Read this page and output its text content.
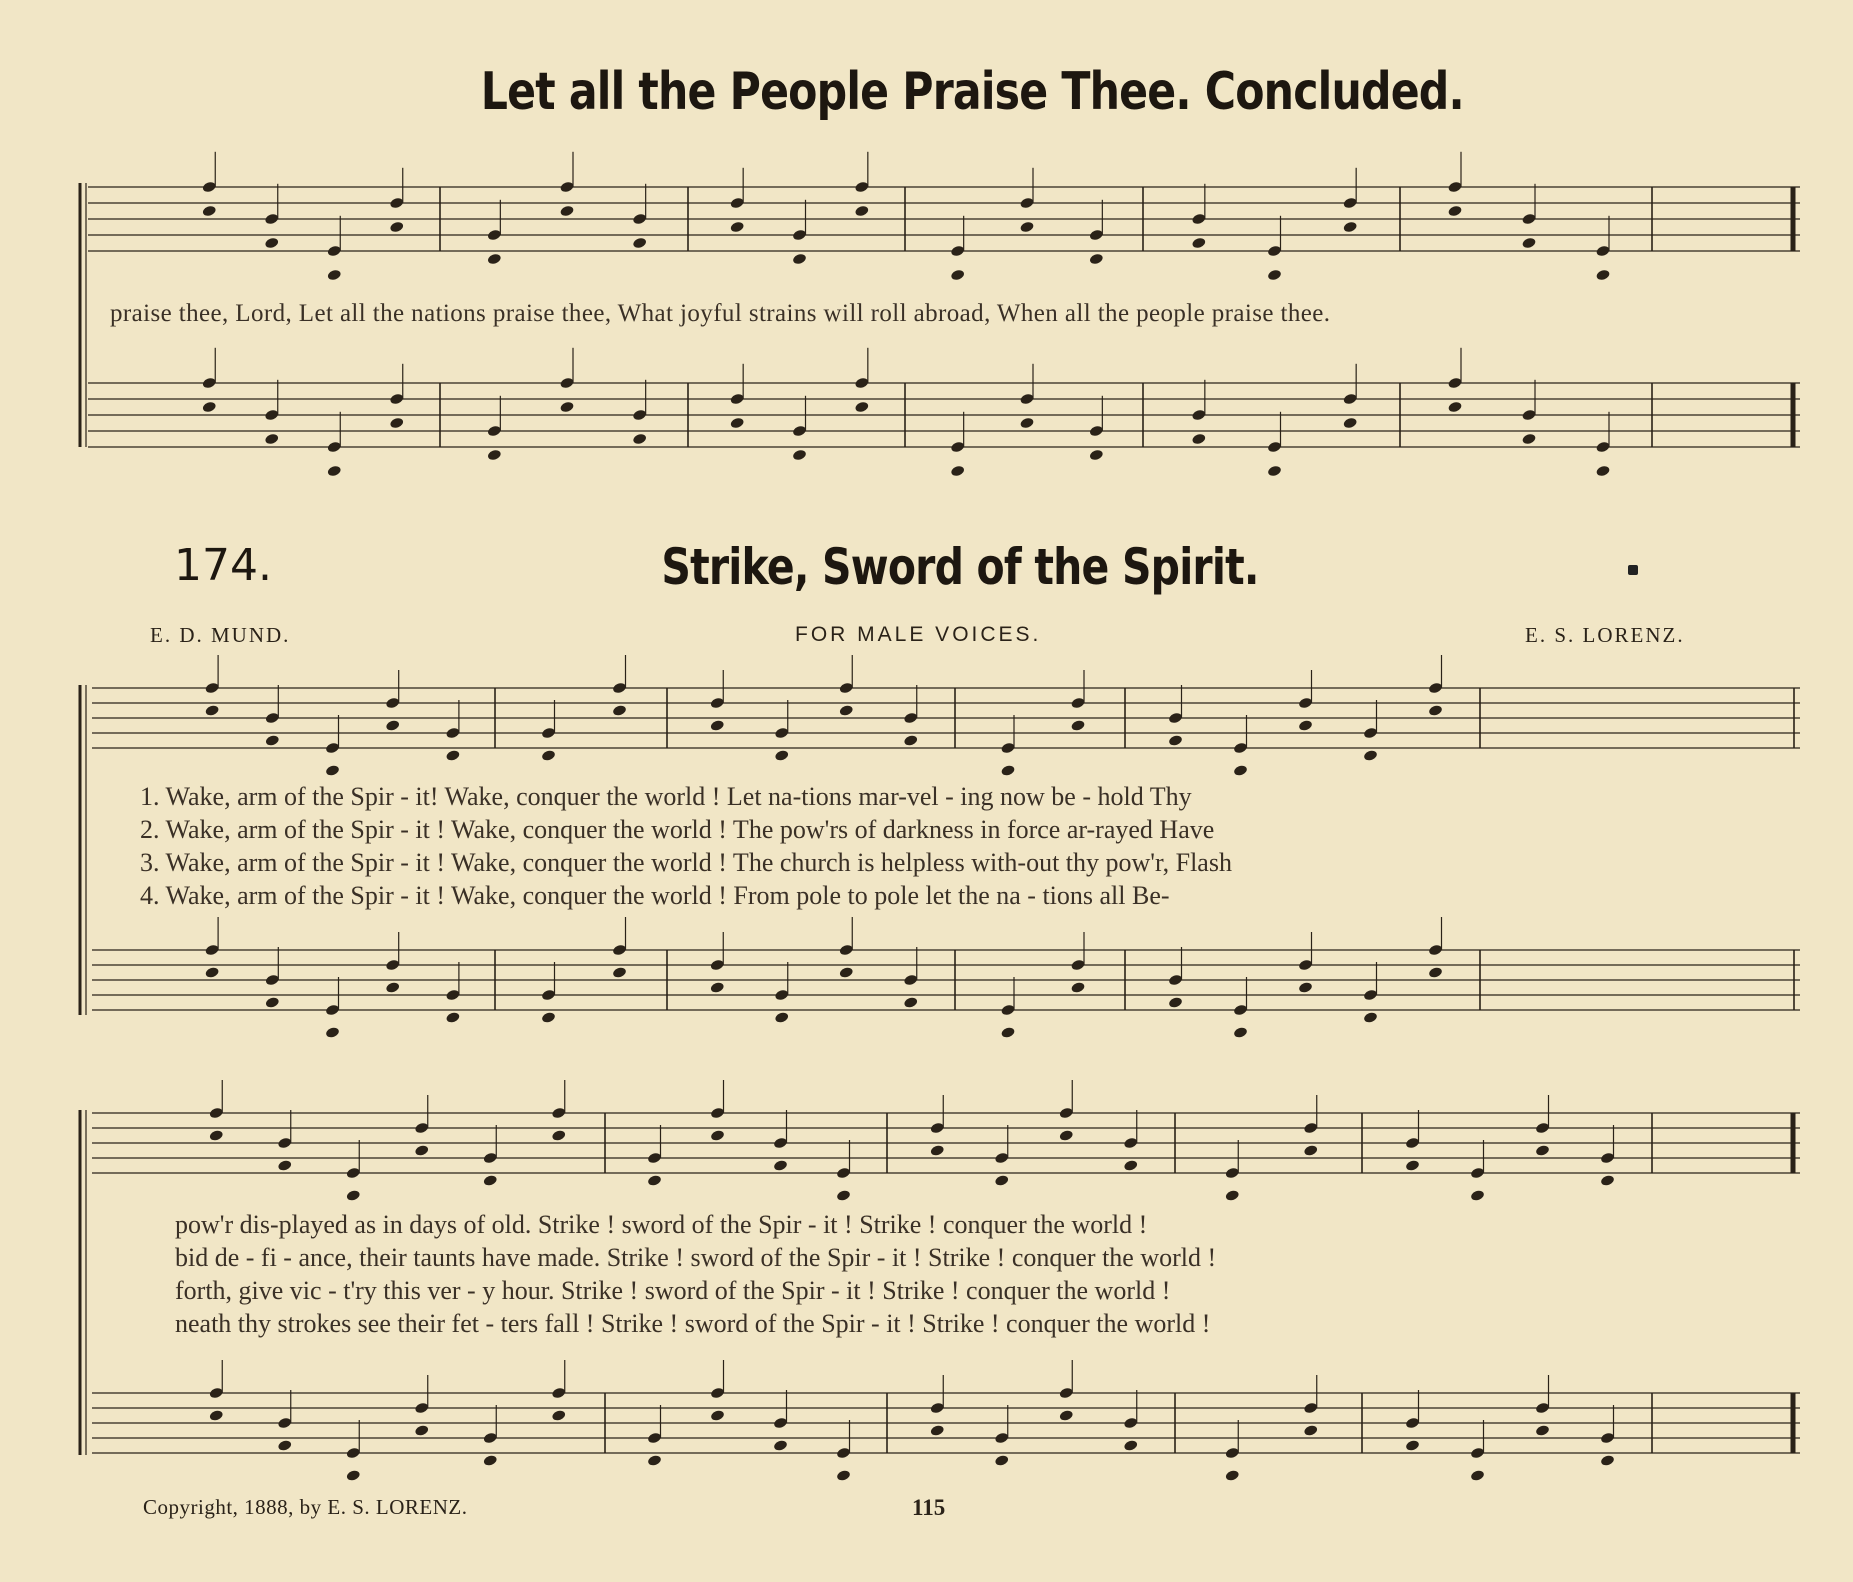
Let all the People Praise Thee. Concluded.
praise thee, Lord, Let all the nations praise thee, What joyful strains will roll abroad, When all the people praise thee.
174.	Strike, Sword of the Spirit.
E. D. MUND.	FOR MALE VOICES.	E. S. LORENZ.
1. Wake, arm of the Spir - it! Wake, conquer the world ! Let na-tions mar-vel - ing now be - hold Thy
2. Wake, arm of the Spir - it ! Wake, conquer the world ! The pow'rs of darkness in force ar-rayed Have
3. Wake, arm of the Spir - it ! Wake, conquer the world ! The church is helpless with-out thy pow'r, Flash
4. Wake, arm of the Spir - it ! Wake, conquer the world ! From pole to pole let the na - tions all Be-
pow'r dis-played as in days of old. Strike ! sword of the Spir - it ! Strike ! conquer the world !
bid de - fi - ance, their taunts have made. Strike ! sword of the Spir - it ! Strike ! conquer the world !
forth, give vic - t'ry this ver - y hour. Strike ! sword of the Spir - it ! Strike ! conquer the world !
neath thy strokes see their fet - ters fall ! Strike ! sword of the Spir - it ! Strike ! conquer the world !
Copyright, 1888, by E. S. LORENZ.	115
